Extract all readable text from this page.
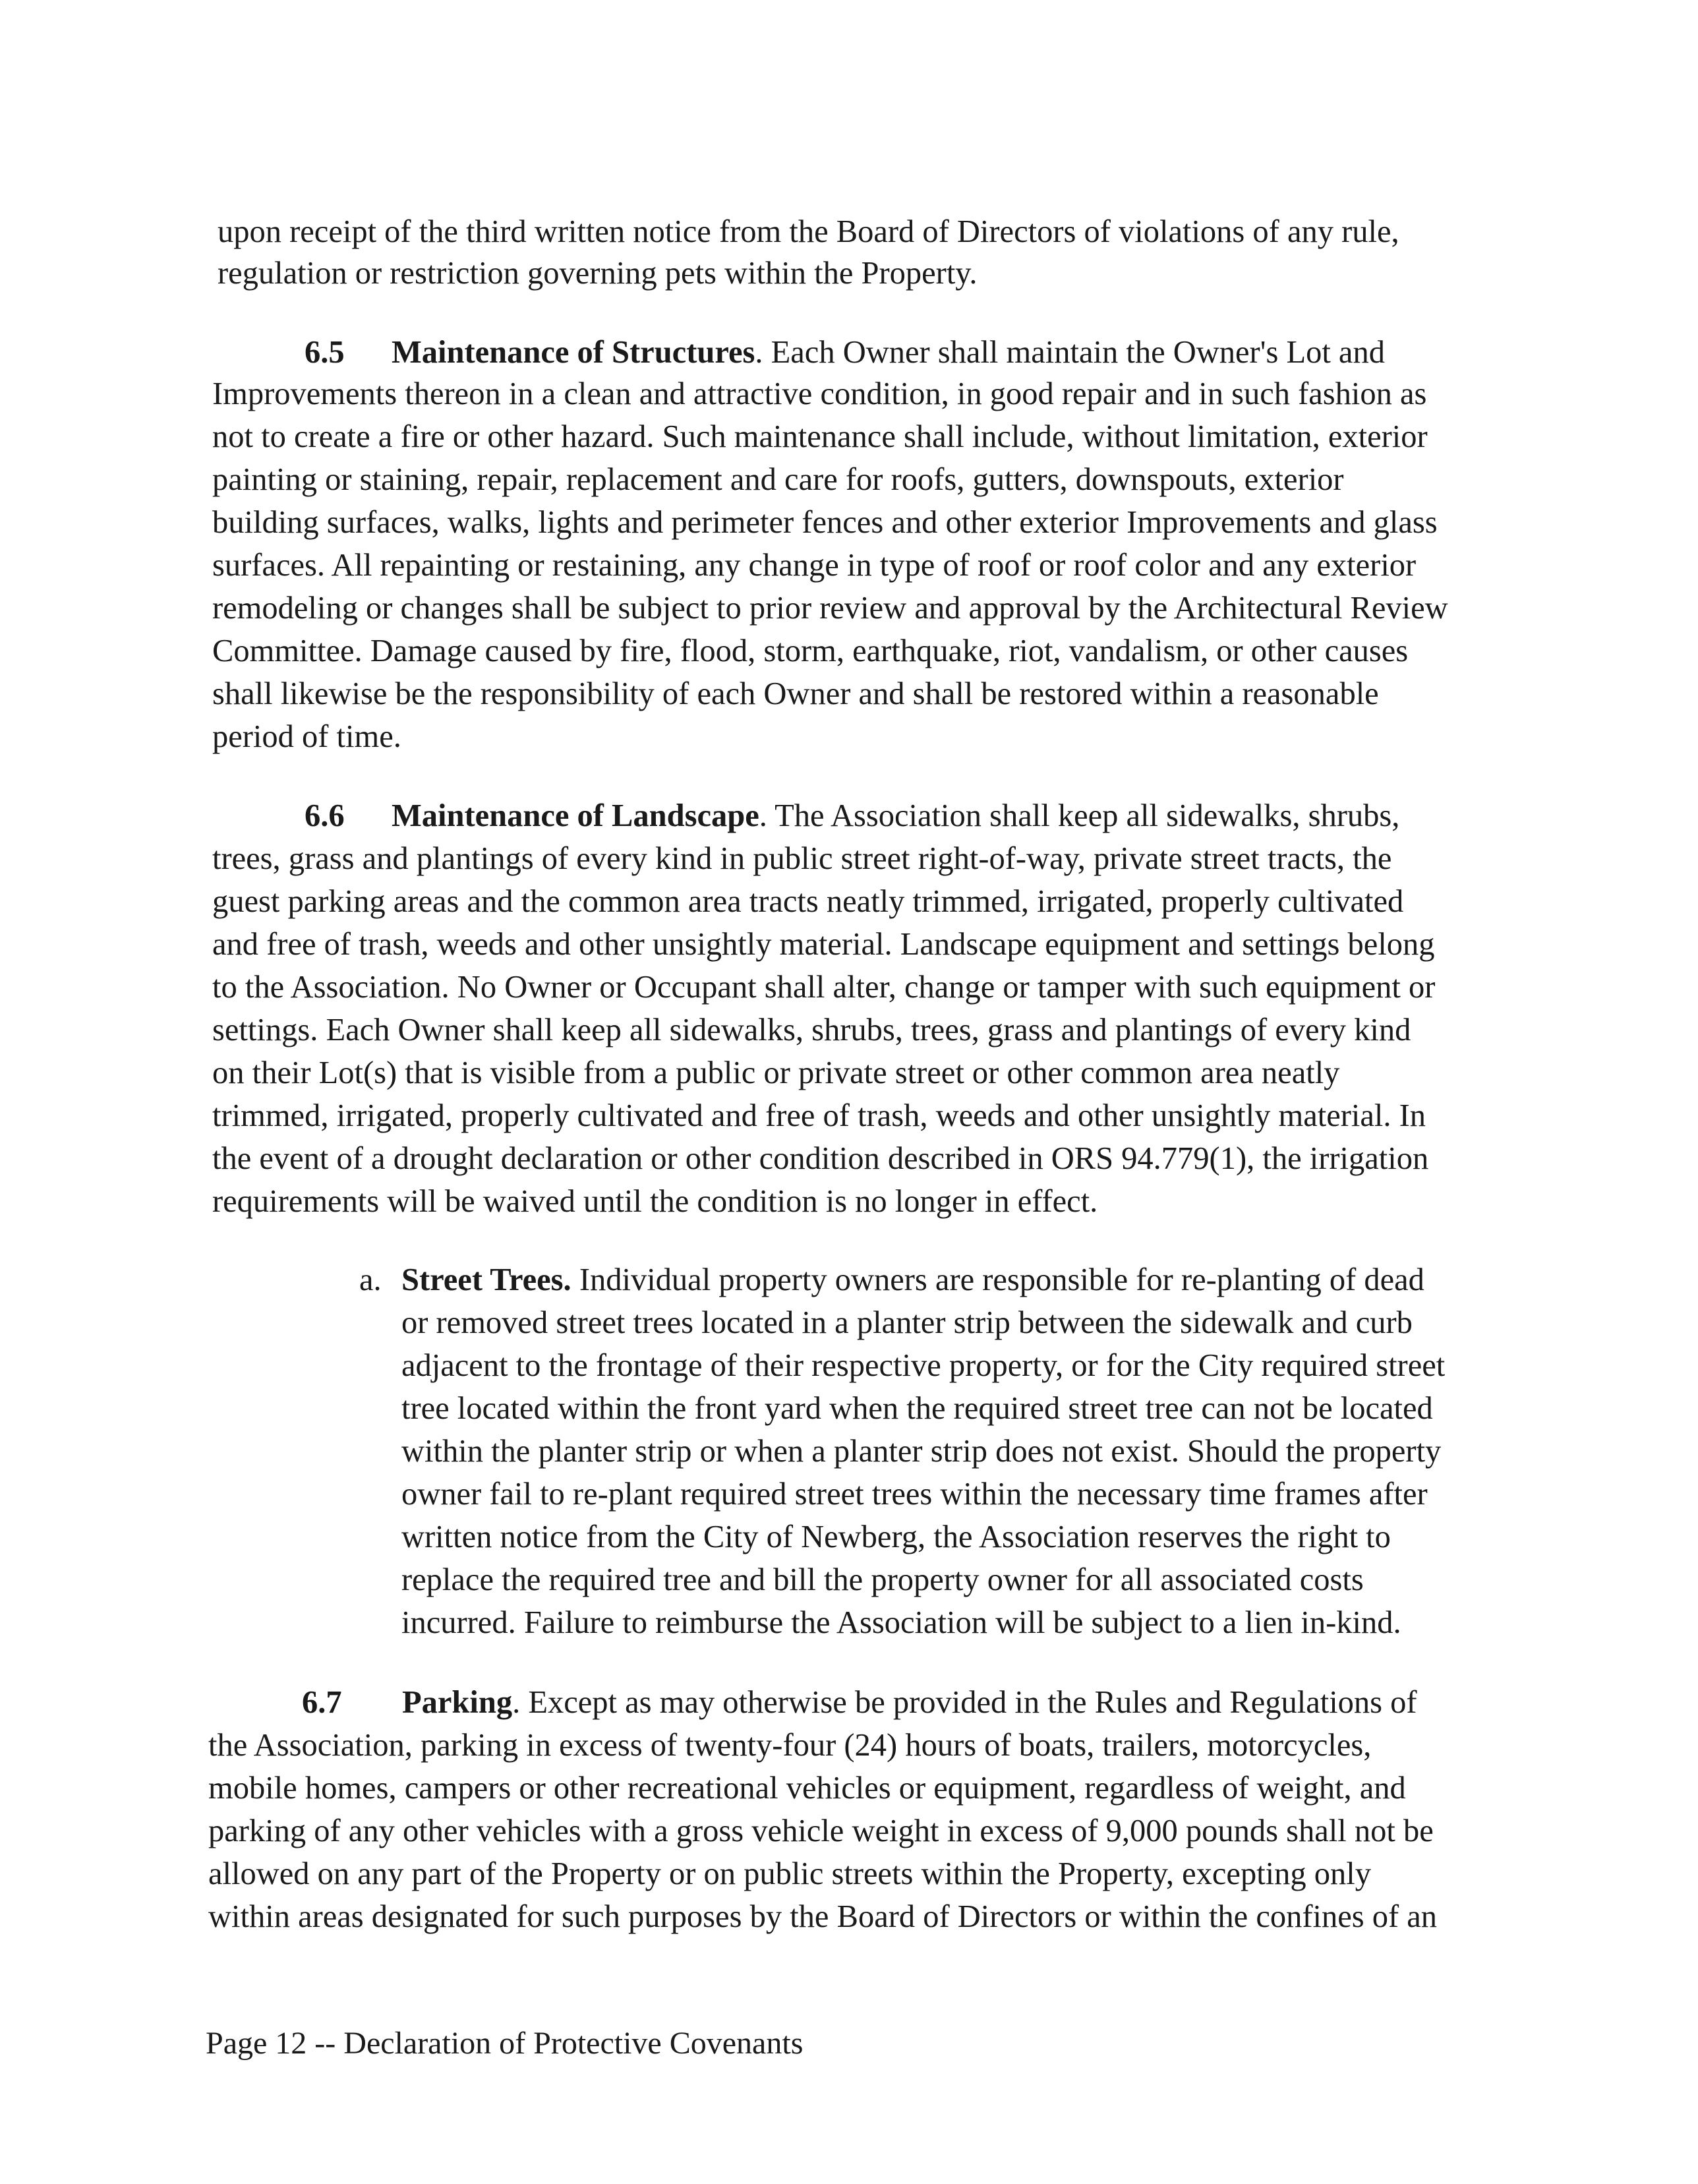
upon receipt of the third written notice from the Board of Directors of violations of any rule,
regulation or restriction governing pets within the Property.
6.5 Maintenance of Structures. Each Owner shall maintain the Owner's Lot and
Improvements thereon in a clean and attractive condition, in good repair and in such fashion as
not to create a fire or other hazard. Such maintenance shall include, without limitation, exterior
painting or staining, repair, replacement and care for roofs, gutters, downspouts, exterior
building surfaces, walks, lights and perimeter fences and other exterior Improvements and glass
surfaces. All repainting or restaining, any change in type of roof or roof color and any exterior
remodeling or changes shall be subject to prior review and approval by the Architectural Review
Committee. Damage caused by fire, flood, storm, earthquake, riot, vandalism, or other causes
shall likewise be the responsibility of each Owner and shall be restored within a reasonable
period of time.
6.6 Maintenance of Landscape. The Association shall keep all sidewalks, shrubs,
trees, grass and plantings of every kind in public street right-of-way, private street tracts, the
guest parking areas and the common area tracts neatly trimmed, irrigated, properly cultivated
and free of trash, weeds and other unsightly material. Landscape equipment and settings belong
to the Association. No Owner or Occupant shall alter, change or tamper with such equipment or
settings. Each Owner shall keep all sidewalks, shrubs, trees, grass and plantings of every kind
on their Lot(s) that is visible from a public or private street or other common area neatly
trimmed, irrigated, properly cultivated and free of trash, weeds and other unsightly material. In
the event of a drought declaration or other condition described in ORS 94.779(1), the irrigation
requirements will be waived until the condition is no longer in effect.
a. Street Trees. Individual property owners are responsible for re-planting of dead
or removed street trees located in a planter strip between the sidewalk and curb
adjacent to the frontage of their respective property, or for the City required street
tree located within the front yard when the required street tree can not be located
within the planter strip or when a planter strip does not exist. Should the property
owner fail to re-plant required street trees within the necessary time frames after
written notice from the City of Newberg, the Association reserves the right to
replace the required tree and bill the property owner for all associated costs
incurred. Failure to reimburse the Association will be subject to a lien in-kind.
6.7 Parking. Except as may otherwise be provided in the Rules and Regulations of
the Association, parking in excess of twenty-four (24) hours of boats, trailers, motorcycles,
mobile homes, campers or other recreational vehicles or equipment, regardless of weight, and
parking of any other vehicles with a gross vehicle weight in excess of 9,000 pounds shall not be
allowed on any part of the Property or on public streets within the Property, excepting only
within areas designated for such purposes by the Board of Directors or within the confines of an
Page 12 -- Declaration of Protective Covenants
